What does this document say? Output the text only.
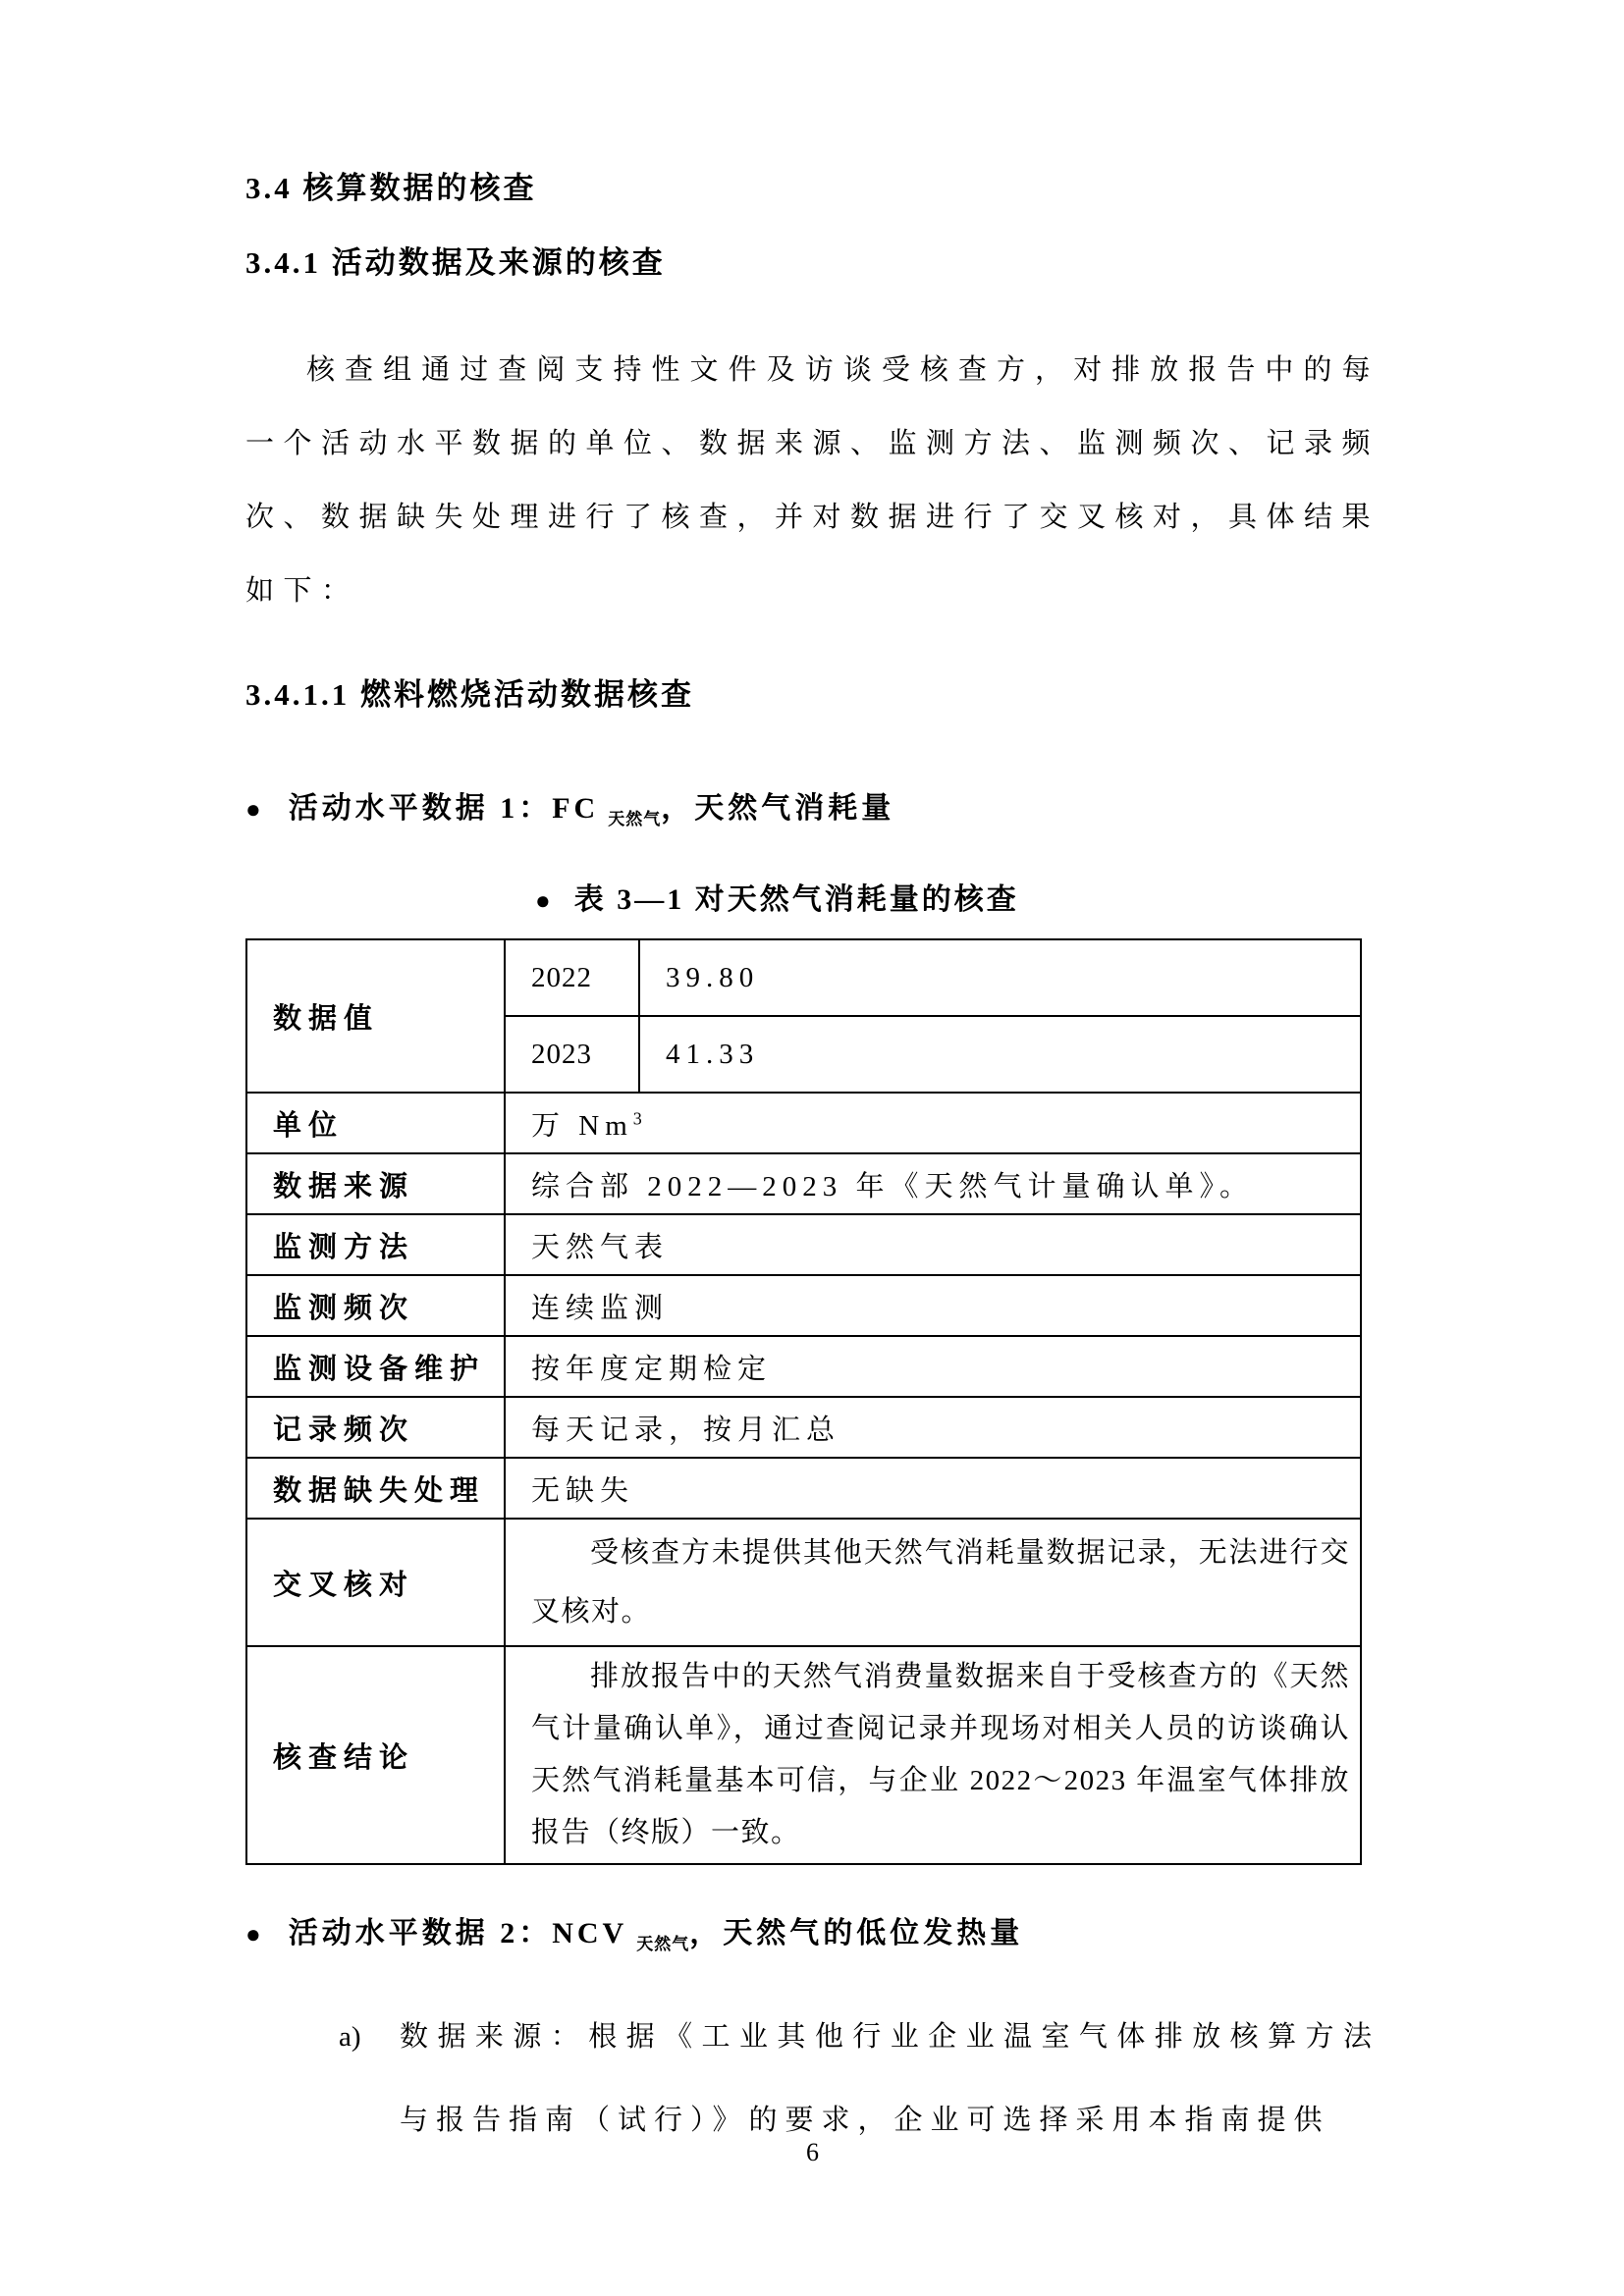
3.4 核算数据的核查
3.4.1 活动数据及来源的核查

核查组通过查阅支持性文件及访谈受核查方，对排放报告中的每一个活动水平数据的单位、数据来源、监测方法、监测频次、记录频次、数据缺失处理进行了核查，并对数据进行了交叉核对，具体结果如下：

3.4.1.1 燃料燃烧活动数据核查
● 活动水平数据 1：FC $_{天然气}$，天然气消耗量
● 表 3—1 对天然气消耗量的核查
数据值	2022	39.80
	2023	41.33
单位	万 Nm$^3$
数据来源	综合部 2022—2023 年《天然气计量确认单》。	
监测方法	天然气表	
监测频次	连续监测	
监测设备维护	按年度定期检定	
记录频次	每天记录，按月汇总	
数据缺失处理	无缺失	
交叉核对	受核查方未提供其他天然气消耗量数据记录，无法进行交叉核对。	
核查结论	排放报告中的天然气消费量数据来自于受核查方的《天然气计量确认单》，通过查阅记录并现场对相关人员的访谈确认天然气消耗量基本可信，与企业 2022～2023 年温室气体排放报告（终版）一致。	
● 活动水平数据 2：NCV $_{天然气}$，天然气的低位发热量
a)	数据来源：根据《工业其他行业企业温室气体排放核算方法与报告指南（试行）》的要求，企业可选择采用本指南提供
6
